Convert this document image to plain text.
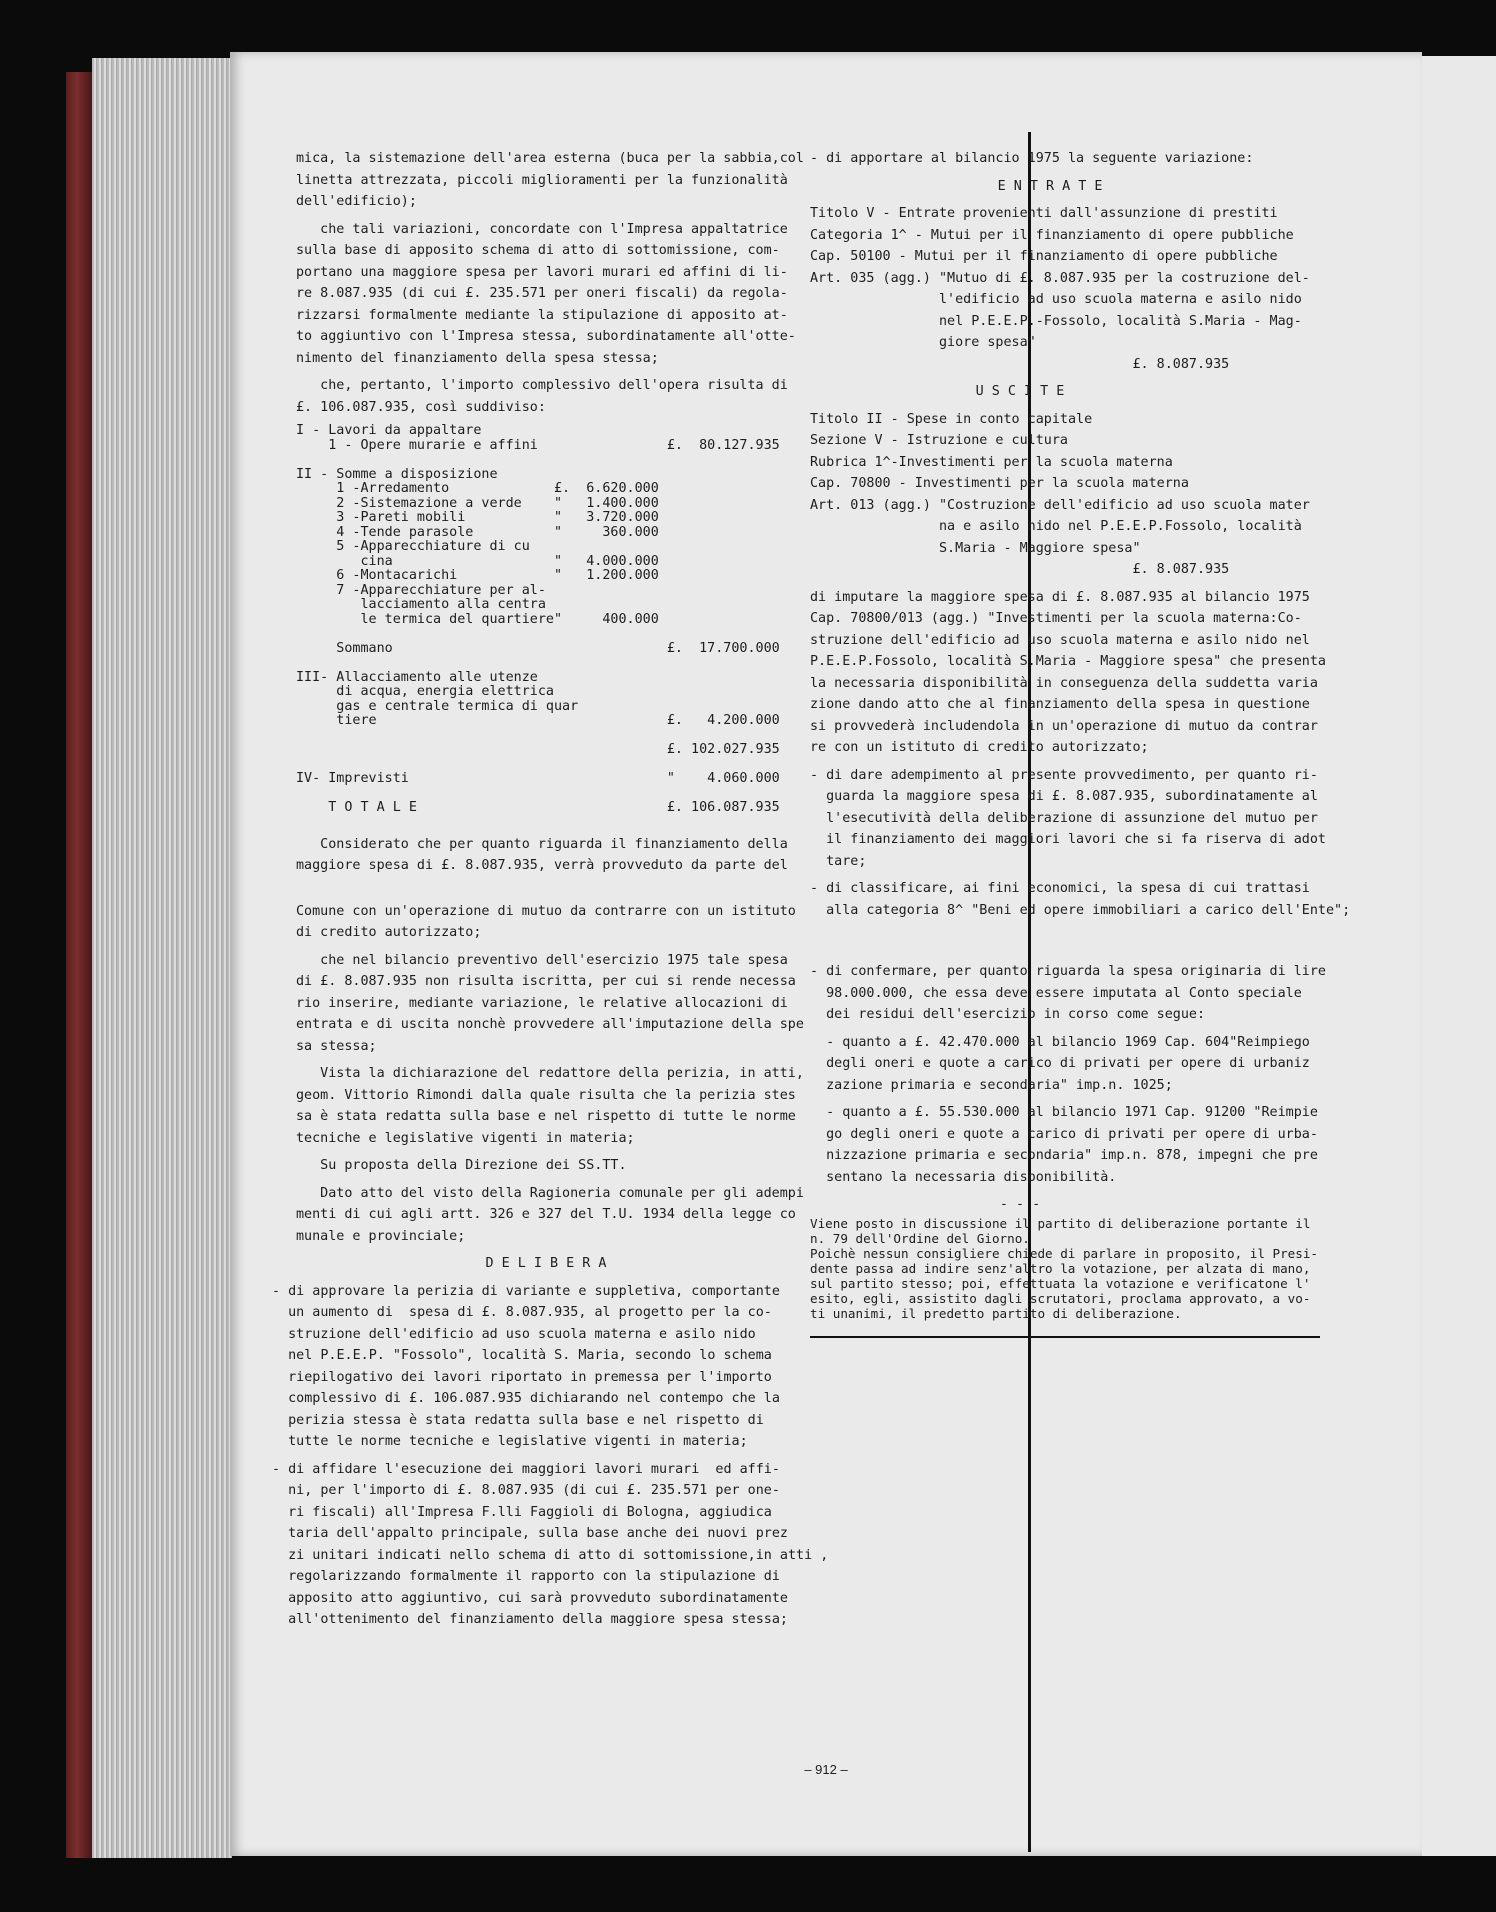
mica, la sistemazione dell'area esterna (buca per la sabbia,col
linetta attrezzata, piccoli miglioramenti per la funzionalità
dell'edificio);

che tali variazioni, concordate con l'Impresa appaltatrice
sulla base di apposito schema di atto di sottomissione, com-
portano una maggiore spesa per lavori murari ed affini di li-
re 8.087.935 (di cui £. 235.571 per oneri fiscali) da regola-
rizzarsi formalmente mediante la stipulazione di apposito at-
to aggiuntivo con l'Impresa stessa, subordinatamente all'otte-
nimento del finanziamento della spesa stessa;

che, pertanto, l'importo complessivo dell'opera risulta di
£. 106.087.935, così suddiviso:

I - Lavori da appaltare
1 - Opere murarie e affini                £.  80.127.935

II - Somme a disposizione
1 -Arredamento             £.  6.620.000
2 -Sistemazione a verde    "   1.400.000
3 -Pareti mobili           "   3.720.000
4 -Tende parasole          "     360.000
5 -Apparecchiature di cu
cina                    "   4.000.000
6 -Montacarichi            "   1.200.000
7 -Apparecchiature per al-
lacciamento alla centra
le termica del quartiere"     400.000

Sommano                                  £.  17.700.000

III- Allacciamento alle utenze
di acqua, energia elettrica
gas e centrale termica di quar
tiere                                    £.   4.200.000

£. 102.027.935

IV- Imprevisti                                "    4.060.000

T O T A L E                               £. 106.087.935

Considerato che per quanto riguarda il finanziamento della
maggiore spesa di £. 8.087.935, verrà provveduto da parte del

Comune con un'operazione di mutuo da contrarre con un istituto
di credito autorizzato;

che nel bilancio preventivo dell'esercizio 1975 tale spesa
di £. 8.087.935 non risulta iscritta, per cui si rende necessa
rio inserire, mediante variazione, le relative allocazioni di
entrata e di uscita nonchè provvedere all'imputazione della spe
sa stessa;

Vista la dichiarazione del redattore della perizia, in atti,
geom. Vittorio Rimondi dalla quale risulta che la perizia stes
sa è stata redatta sulla base e nel rispetto di tutte le norme
tecniche e legislative vigenti in materia;

Su proposta della Direzione dei SS.TT.

Dato atto del visto della Ragioneria comunale per gli adempi
menti di cui agli artt. 326 e 327 del T.U. 1934 della legge co
munale e provinciale;

D E L I B E R A

- di approvare la perizia di variante e suppletiva, comportante
un aumento di  spesa di £. 8.087.935, al progetto per la co-
struzione dell'edificio ad uso scuola materna e asilo nido
nel P.E.E.P. "Fossolo", località S. Maria, secondo lo schema
riepilogativo dei lavori riportato in premessa per l'importo
complessivo di £. 106.087.935 dichiarando nel contempo che la
perizia stessa è stata redatta sulla base e nel rispetto di
tutte le norme tecniche e legislative vigenti in materia;

- di affidare l'esecuzione dei maggiori lavori murari  ed affi-
ni, per l'importo di £. 8.087.935 (di cui £. 235.571 per one-
ri fiscali) all'Impresa F.lli Faggioli di Bologna, aggiudica
taria dell'appalto principale, sulla base anche dei nuovi prez
zi unitari indicati nello schema di atto di sottomissione,in atti ,
regolarizzando formalmente il rapporto con la stipulazione di
apposito atto aggiuntivo, cui sarà provveduto subordinatamente
all'ottenimento del finanziamento della maggiore spesa stessa;

- di apportare al bilancio 1975 la seguente variazione:

E N T R A T E

Titolo V - Entrate provenienti dall'assunzione di prestiti
Categoria 1^ - Mutui per il finanziamento di opere pubbliche
Cap. 50100 - Mutui per il finanziamento di opere pubbliche
Art. 035 (agg.) "Mutuo di £. 8.087.935 per la costruzione del-
l'edificio ad uso scuola materna e asilo nido
nel P.E.E.P.-Fossolo, località S.Maria - Mag-
giore spesa"
£. 8.087.935

U S C I T E

Titolo II - Spese in conto capitale
Sezione V - Istruzione e cultura
Rubrica 1^-Investimenti per la scuola materna
Cap. 70800 - Investimenti per la scuola materna
Art. 013 (agg.) "Costruzione dell'edificio ad uso scuola mater
na e asilo nido nel P.E.E.P.Fossolo, località
S.Maria - Maggiore spesa"
£. 8.087.935

di imputare la maggiore spesa di £. 8.087.935 al bilancio 1975
Cap. 70800/013 (agg.) "Investimenti per la scuola materna:Co-
struzione dell'edificio ad uso scuola materna e asilo nido nel
P.E.E.P.Fossolo, località S.Maria - Maggiore spesa" che presenta
la necessaria disponibilità in conseguenza della suddetta varia
zione dando atto che al finanziamento della spesa in questione
si provvederà includendola in un'operazione di mutuo da contrar
re con un istituto di credito autorizzato;

- di dare adempimento al presente provvedimento, per quanto ri-
guarda la maggiore spesa di £. 8.087.935, subordinatamente al
l'esecutività della deliberazione di assunzione del mutuo per
il finanziamento dei maggiori lavori che si fa riserva di adot
tare;

- di classificare, ai fini economici, la spesa di cui trattasi
alla categoria 8^ "Beni ed opere immobiliari a carico dell'Ente";

- di confermare, per quanto riguarda la spesa originaria di lire
98.000.000, che essa deve essere imputata al Conto speciale
dei residui dell'esercizio in corso come segue:

- quanto a £. 42.470.000 al bilancio 1969 Cap. 604"Reimpiego
degli oneri e quote a carico di privati per opere di urbaniz
zazione primaria e secondaria" imp.n. 1025;

- quanto a £. 55.530.000 al bilancio 1971 Cap. 91200 "Reimpie
go degli oneri e quote a carico di privati per opere di urba-
nizzazione primaria e secondaria" imp.n. 878, impegni che pre
sentano la necessaria disponibilità.

- - -

Viene posto in discussione il partito di deliberazione portante il
n. 79 dell'Ordine del Giorno.
Poichè nessun consigliere chiede di parlare in proposito, il Presi-
dente passa ad indire senz'altro la votazione, per alzata di mano,
sul partito stesso; poi, effettuata la votazione e verificatone l'
esito, egli, assistito dagli scrutatori, proclama approvato, a vo-
ti unanimi, il predetto partito di deliberazione.

– 912 –
